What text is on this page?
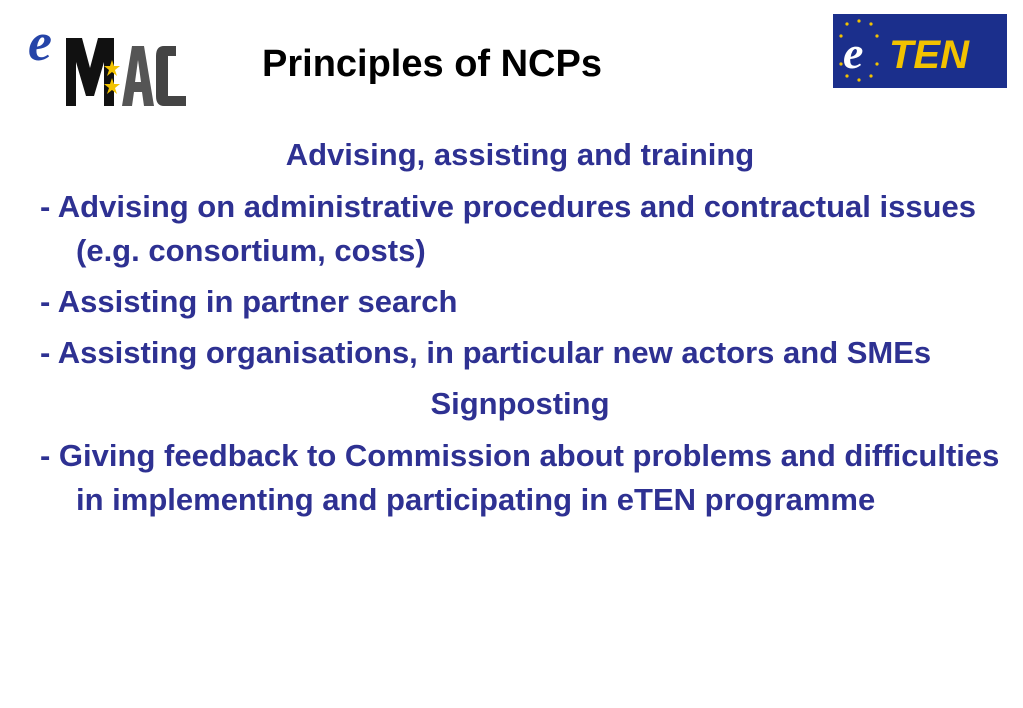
e	Principles of NCPs	e TEN

Advising, assisting and training

- Advising on administrative procedures and contractual issues (e.g. consortium, costs)

- Assisting in partner search

- Assisting organisations, in particular new actors and SMEs

Signposting

- Giving feedback to Commission about problems and difficulties in implementing and participating in eTEN programme
